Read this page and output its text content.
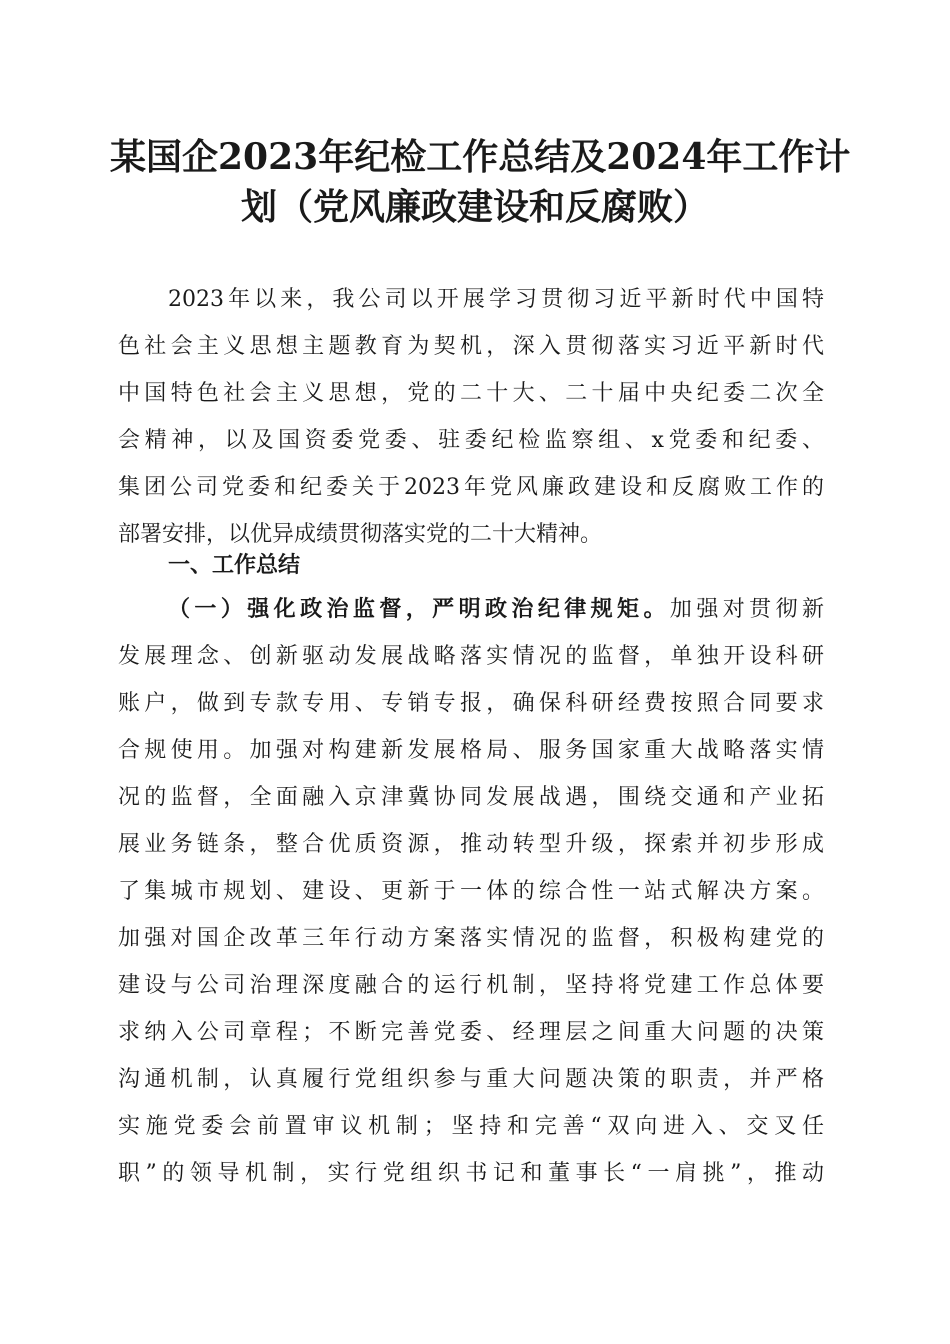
某国企2023年纪检工作总结及2024年工作计
划（党风廉政建设和反腐败）

2023年以来，我公司以开展学习贯彻习近平新时代中国特
色社会主义思想主题教育为契机，深入贯彻落实习近平新时代
中国特色社会主义思想，党的二十大、二十届中央纪委二次全
会精神，以及国资委党委、驻委纪检监察组、x党委和纪委、
集团公司党委和纪委关于2023年党风廉政建设和反腐败工作的
部署安排，以优异成绩贯彻落实党的二十大精神。

一、工作总结

（一）强化政治监督，严明政治纪律规矩。加强对贯彻新
发展理念、创新驱动发展战略落实情况的监督，单独开设科研
账户，做到专款专用、专销专报，确保科研经费按照合同要求
合规使用。加强对构建新发展格局、服务国家重大战略落实情
况的监督，全面融入京津冀协同发展战遇，围绕交通和产业拓
展业务链条，整合优质资源，推动转型升级，探索并初步形成
了集城市规划、建设、更新于一体的综合性一站式解决方案。
加强对国企改革三年行动方案落实情况的监督，积极构建党的
建设与公司治理深度融合的运行机制，坚持将党建工作总体要
求纳入公司章程；不断完善党委、经理层之间重大问题的决策
沟通机制，认真履行党组织参与重大问题决策的职责，并严格
实施党委会前置审议机制；坚持和完善“双向进入、交叉任
职”的领导机制，实行党组织书记和董事长“一肩挑”，推动
